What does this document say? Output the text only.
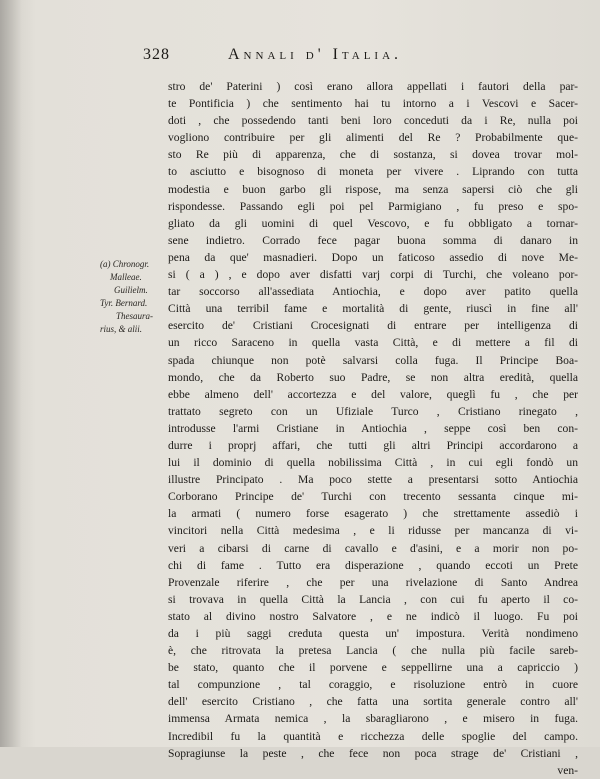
328	Annali d' Italia.
(a) Chronogr.
Malleae.
Guilielm.
Tyr. Bernard.
Thesaura-
rius, & alii.
stro de' Paterini ) così erano allora appellati i fautori della par-
te Pontificia ) che sentimento hai tu intorno a i Vescovi e Sacer-
doti , che possedendo tanti beni loro conceduti da i Re, nulla poi
vogliono contribuire per gli alimenti del Re ? Probabilmente que-
sto Re più di apparenza, che di sostanza, si dovea trovar mol-
to asciutto e bisognoso di moneta per vivere . Liprando con tutta
modestia e buon garbo gli rispose, ma senza sapersi ciò che gli
rispondesse. Passando egli poi pel Parmigiano , fu preso e spo-
gliato da gli uomini di quel Vescovo, e fu obbligato a tornar-
sene indietro. Corrado fece pagar buona somma di danaro in
pena da que' masnadieri. Dopo un faticoso assedio di nove Me-
si ( a ) , e dopo aver disfatti varj corpi di Turchi, che voleano por-
tar soccorso all'assediata Antiochia, e dopo aver patito quella
Città una terribil fame e mortalità di gente, riuscì in fine all'
esercito de' Cristiani Crocesignati di entrare per intelligenza di
un ricco Saraceno in quella vasta Città, e di mettere a fil di
spada chiunque non potè salvarsi colla fuga. Il Principe Boa-
mondo, che da Roberto suo Padre, se non altra eredità, quella
ebbe almeno dell' accortezza e del valore, queglì fu , che per
trattato segreto con un Ufiziale Turco , Cristiano rinegato ,
introdusse l'armi Cristiane in Antiochia , seppe così ben con-
durre i proprj affari, che tutti gli altri Principi accordarono a
lui il dominio di quella nobilissima Città , in cui egli fondò un
illustre Principato . Ma poco stette a presentarsi sotto Antiochia
Corborano Principe de' Turchi con trecento sessanta cinque mi-
la armati ( numero forse esagerato ) che strettamente assediò i
vincitori nella Città medesima , e li ridusse per mancanza di vi-
veri a cibarsi di carne di cavallo e d'asini, e a morir non po-
chi di fame . Tutto era disperazione , quando eccoti un Prete
Provenzale riferire , che per una rivelazione di Santo Andrea
si trovava in quella Città la Lancia , con cui fu aperto il co-
stato al divino nostro Salvatore , e ne indicò il luogo. Fu poi
da i più saggi creduta questa un' impostura. Verità nondimeno
è, che ritrovata la pretesa Lancia ( che nulla più facile sareb-
be stato, quanto che il porvene e seppellirne una a capriccio )
tal compunzione , tal coraggio, e risoluzione entrò in cuore
dell' esercito Cristiano , che fatta una sortita generale contro all'
immensa Armata nemica , la sbaragliarono , e misero in fuga.
Incredibil fu la quantità e ricchezza delle spoglie del campo.
Sopragiunse la peste , che fece non poca strage de' Cristiani ,
ven-
